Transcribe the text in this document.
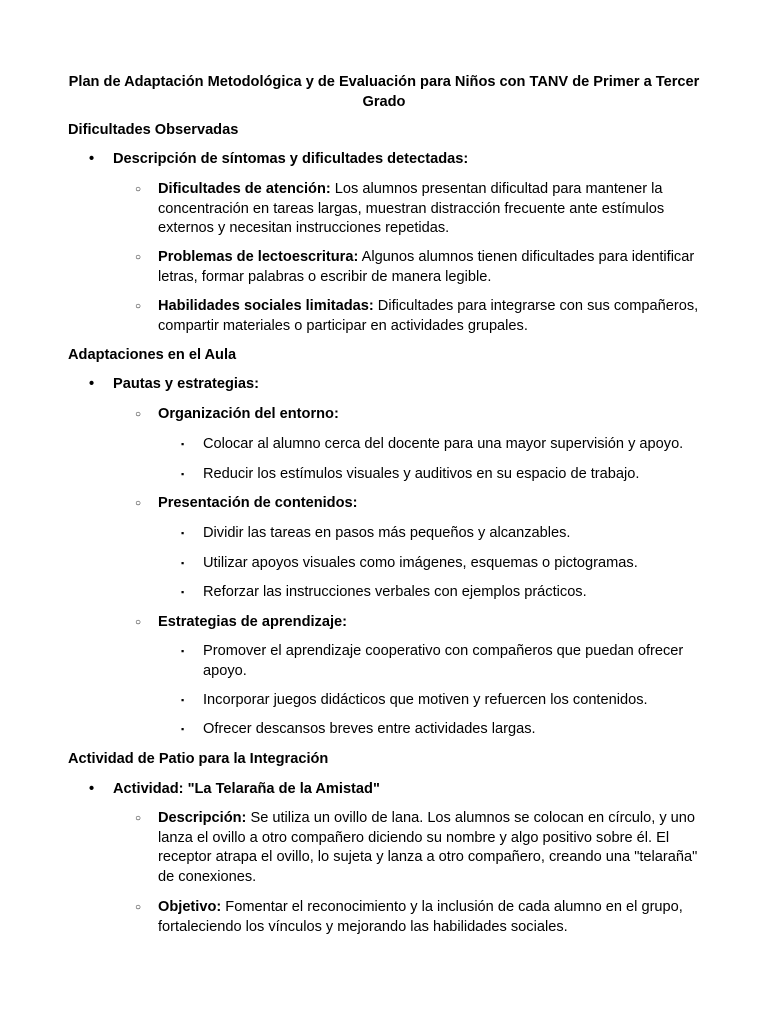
Plan de Adaptación Metodológica y de Evaluación para Niños con TANV de Primer a Tercer Grado
Dificultades Observadas
• Descripción de síntomas y dificultades detectadas:
○ Dificultades de atención: Los alumnos presentan dificultad para mantener la concentración en tareas largas, muestran distracción frecuente ante estímulos externos y necesitan instrucciones repetidas.
○ Problemas de lectoescritura: Algunos alumnos tienen dificultades para identificar letras, formar palabras o escribir de manera legible.
○ Habilidades sociales limitadas: Dificultades para integrarse con sus compañeros, compartir materiales o participar en actividades grupales.
Adaptaciones en el Aula
• Pautas y estrategias:
○ Organización del entorno:
▪ Colocar al alumno cerca del docente para una mayor supervisión y apoyo.
▪ Reducir los estímulos visuales y auditivos en su espacio de trabajo.
○ Presentación de contenidos:
▪ Dividir las tareas en pasos más pequeños y alcanzables.
▪ Utilizar apoyos visuales como imágenes, esquemas o pictogramas.
▪ Reforzar las instrucciones verbales con ejemplos prácticos.
○ Estrategias de aprendizaje:
▪ Promover el aprendizaje cooperativo con compañeros que puedan ofrecer apoyo.
▪ Incorporar juegos didácticos que motiven y refuercen los contenidos.
▪ Ofrecer descansos breves entre actividades largas.
Actividad de Patio para la Integración
• Actividad: "La Telaraña de la Amistad"
○ Descripción: Se utiliza un ovillo de lana. Los alumnos se colocan en círculo, y uno lanza el ovillo a otro compañero diciendo su nombre y algo positivo sobre él. El receptor atrapa el ovillo, lo sujeta y lanza a otro compañero, creando una "telaraña" de conexiones.
○ Objetivo: Fomentar el reconocimiento y la inclusión de cada alumno en el grupo, fortaleciendo los vínculos y mejorando las habilidades sociales.
